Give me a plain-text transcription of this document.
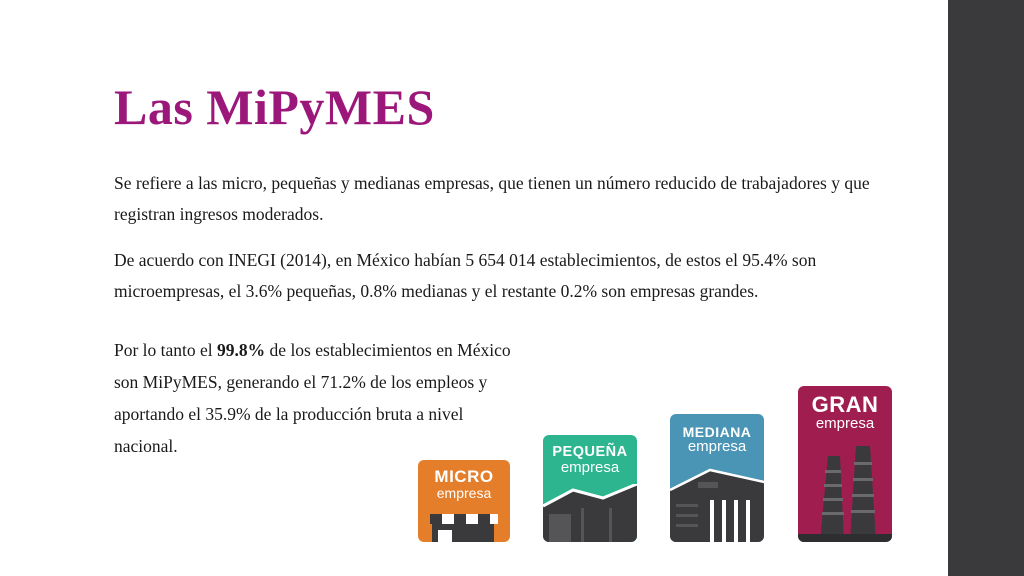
Las MiPyMES

Se refiere a las micro, pequeñas y medianas empresas, que tienen un número reducido de trabajadores y que registran ingresos moderados.

De acuerdo con INEGI (2014), en México habían 5 654 014 establecimientos, de estos el 95.4% son microempresas, el 3.6% pequeñas, 0.8% medianas y el restante 0.2% son empresas grandes.

Por lo tanto el 99.8% de los establecimientos en México son MiPyMES, generando el 71.2% de los empleos y aportando el 35.9% de la producción bruta a nivel nacional.

MICRO
empresa
PEQUEÑA
empresa
MEDIANA
empresa
GRAN
empresa
